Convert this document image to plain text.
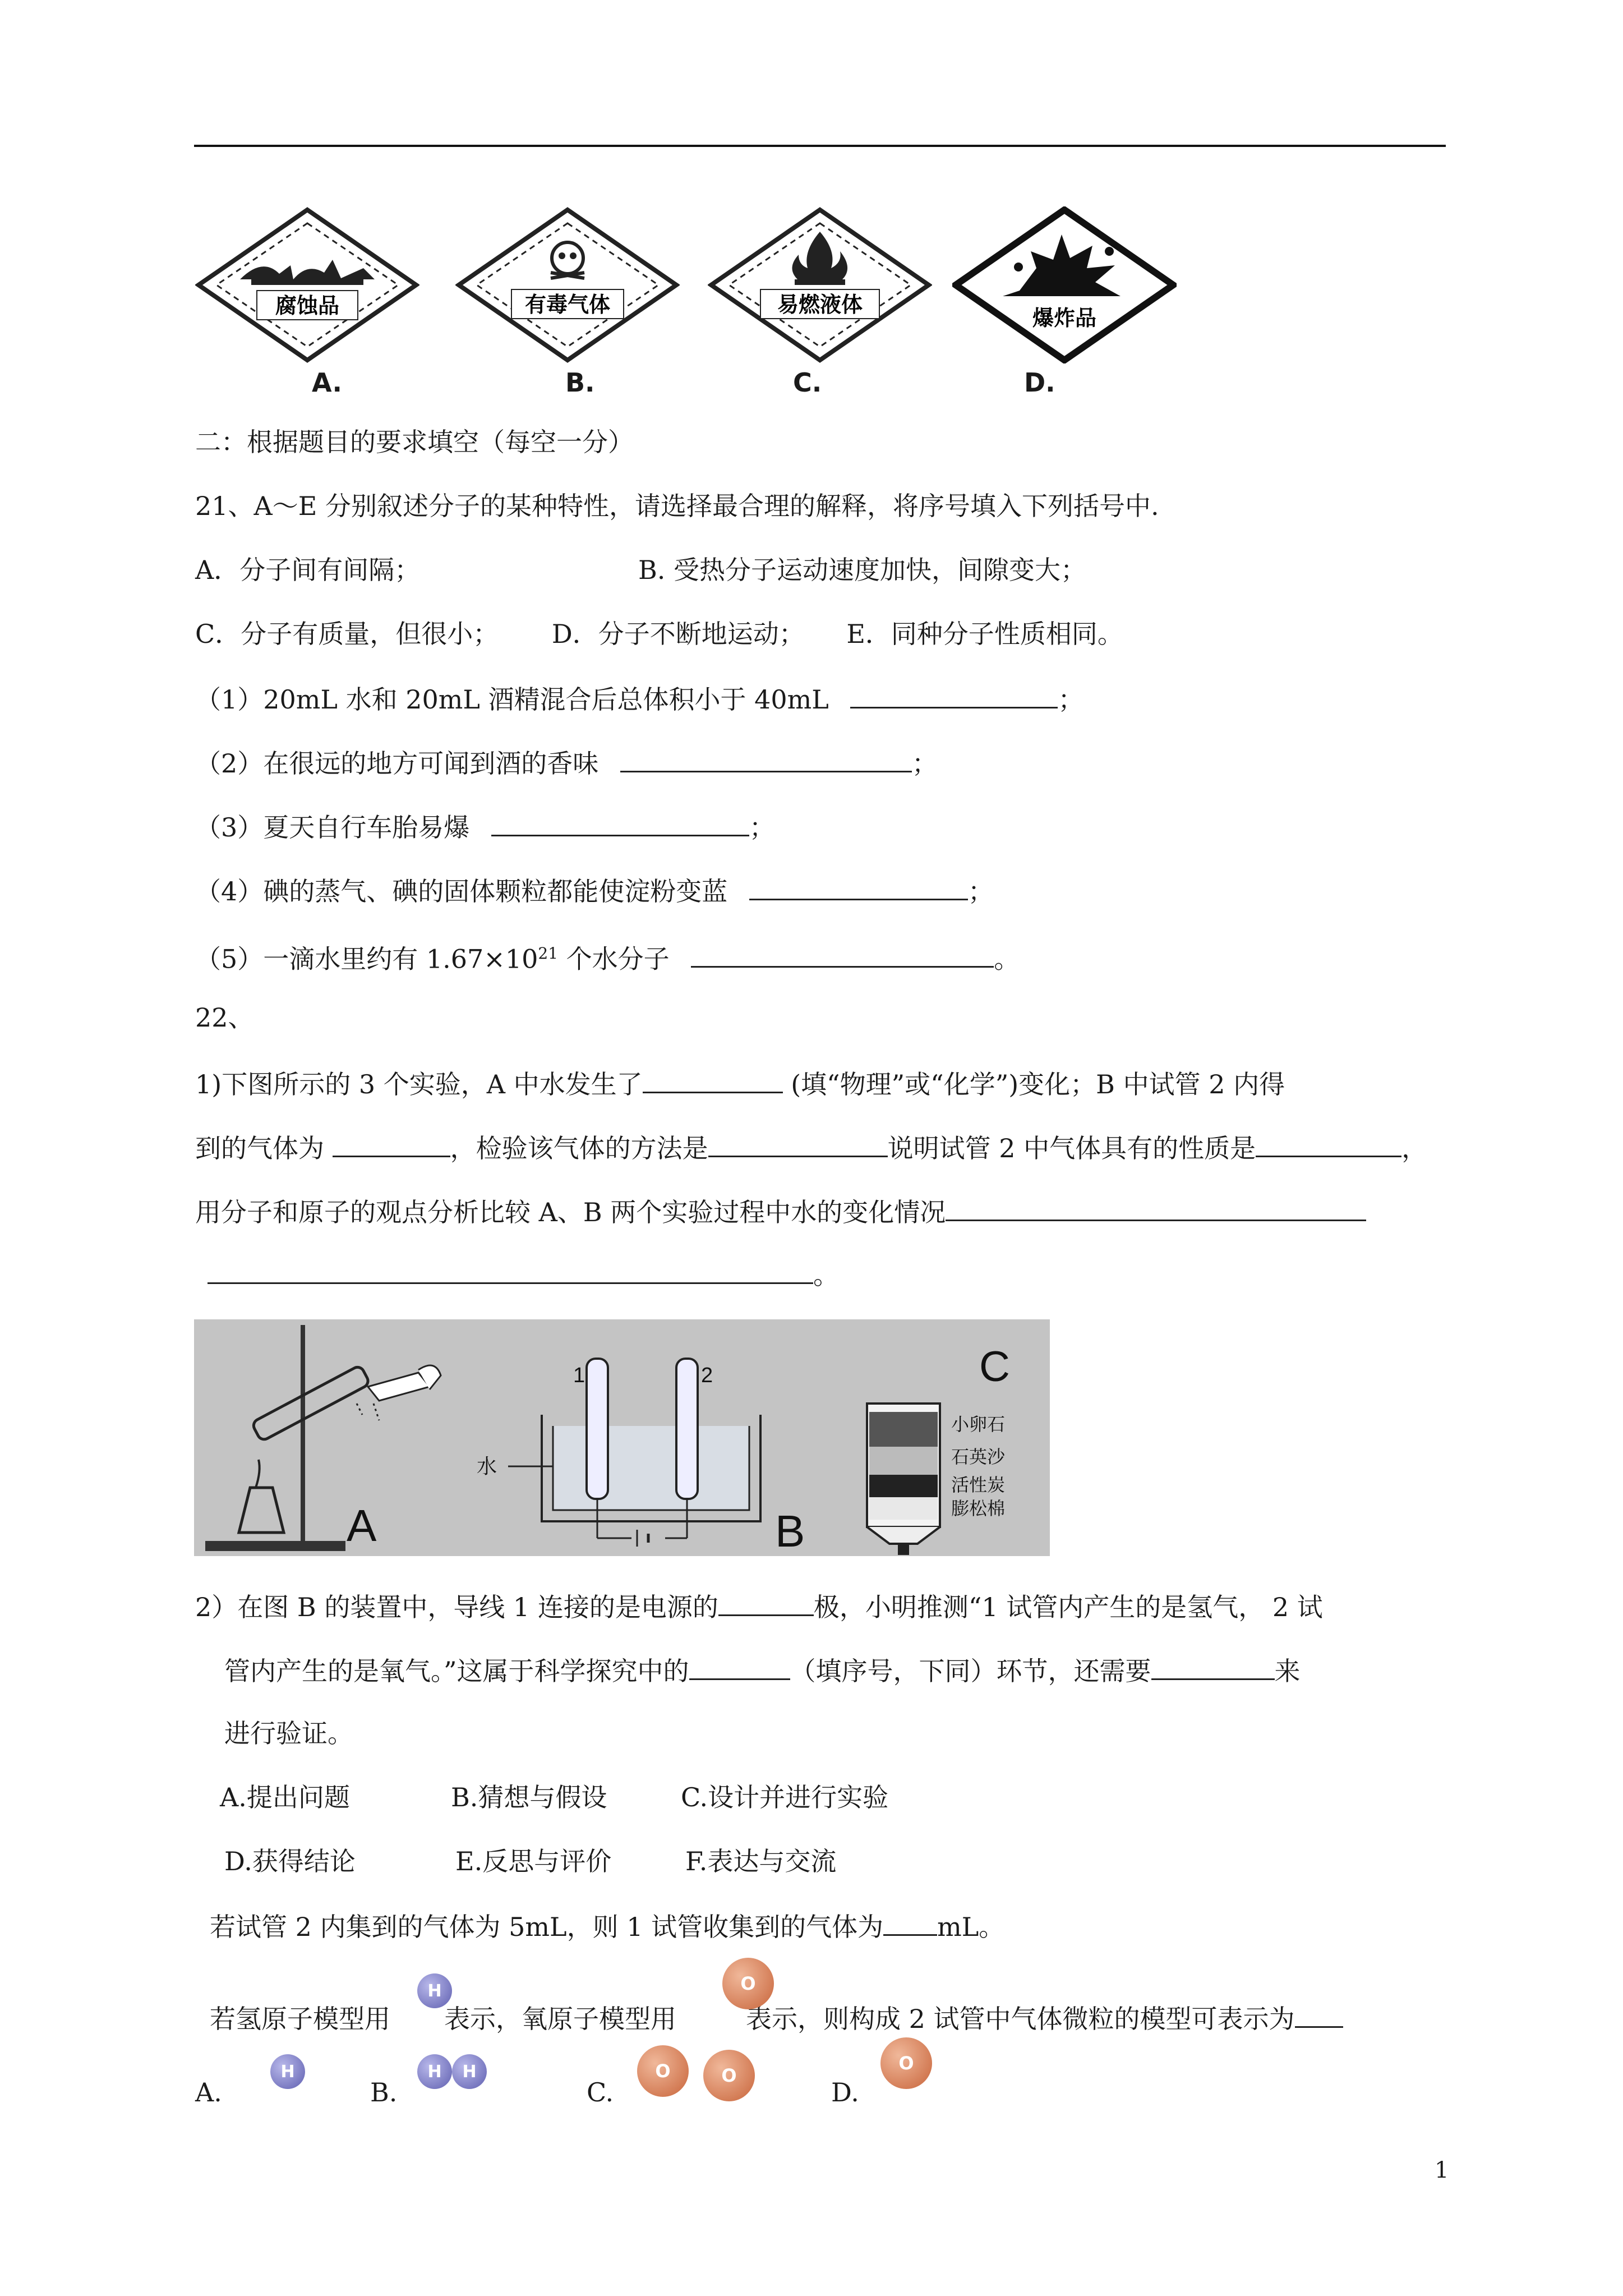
腐蚀品	有毒气体	易燃液体
爆炸品
A.	B.	C.	D.
二：根据题目的要求填空（每空一分）
21、A～E 分别叙述分子的某种特性，请选择最合理的解释，将序号填入下列括号中.
A．分子间有间隔；	B. 受热分子运动速度加快，间隙变大；
C．分子有质量，但很小； D．分子不断地运动； E．同种分子性质相同。
（1）20mL 水和 20mL 酒精混合后总体积小于 40mL	；
（2）在很远的地方可闻到酒的香味	；
（3）夏天自行车胎易爆	；
（4）碘的蒸气、碘的固体颗粒都能使淀粉变蓝	；
（5）一滴水里约有 $1.67\times 10^{21}$ 个水分子	。
22、
1)下图所示的 3 个实验，A 中水发生了	(填“物理”或“化学”)变化；B 中试管 2 内得
到的气体为	，检验该气体的方法是	说明试管 2 中气体具有的性质是	，
用分子和原子的观点分析比较 A、B 两个实验过程中水的变化情况
。
A
1	2
水
B
C
小卵石
石英沙
活性炭
膨松棉
2）在图 B 的装置中，导线 1 连接的是电源的	极，小明推测“1 试管内产生的是氢气， 2 试
管内产生的是氧气。”这属于科学探究中的	（填序号，下同）环节，还需要	来
进行验证。
A.提出问题	B.猜想与假设	C.设计并进行实验
D.获得结论	E.反思与评价	F.表达与交流
若试管 2 内集到的气体为 5mL，则 1 试管收集到的气体为 mL。
若氢原子模型用 表示，氧原子模型用	表示，则构成 2 试管中气体微粒的模型可表示为
H	O
A.
H
B.
H	H
C.
O	O
D.
O
1
